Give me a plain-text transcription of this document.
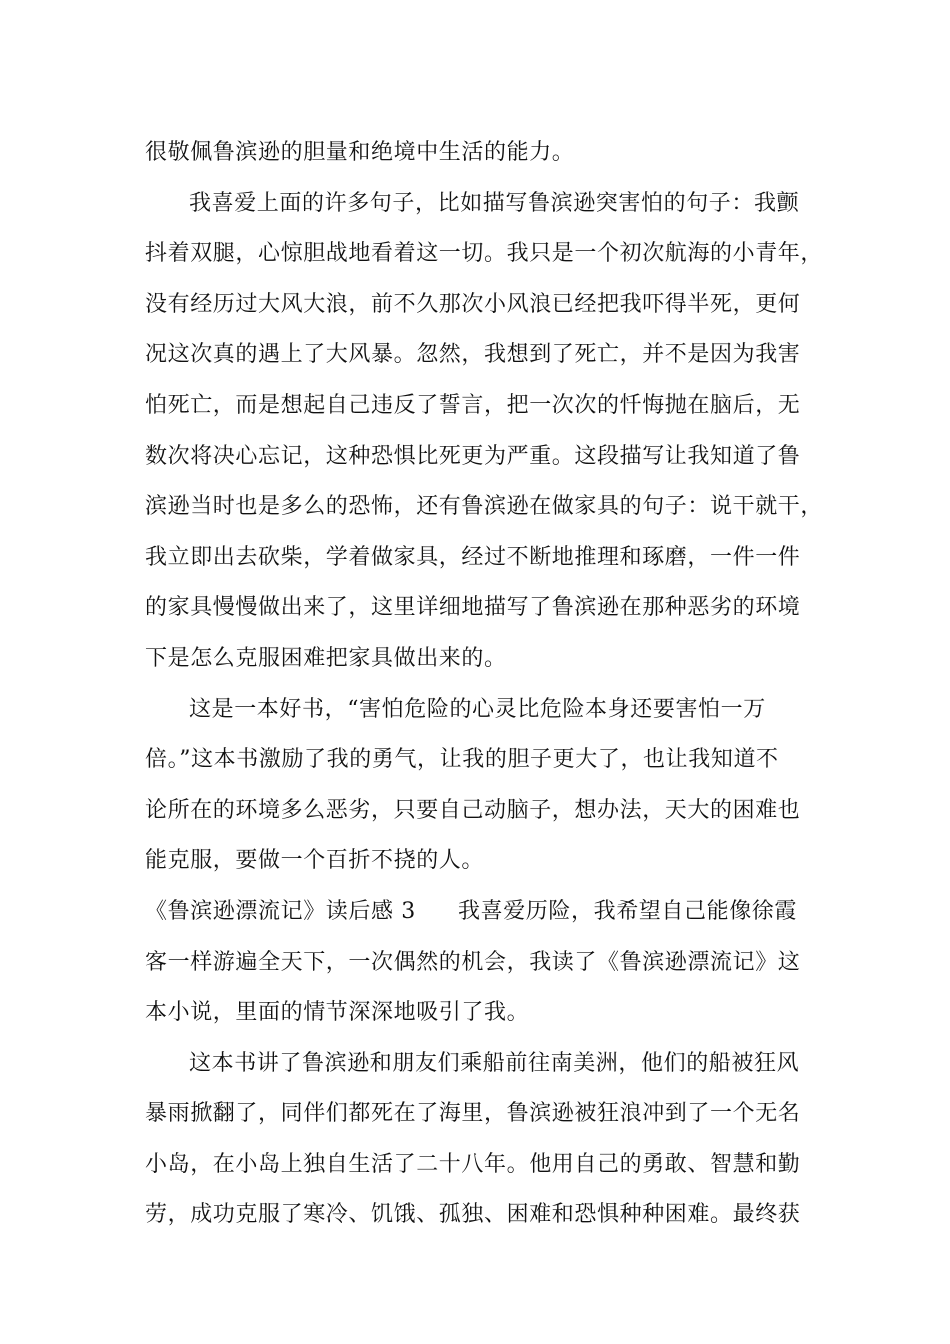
很敬佩鲁滨逊的胆量和绝境中生活的能力。
我喜爱上面的许多句子，比如描写鲁滨逊突害怕的句子：我颤
抖着双腿，心惊胆战地看着这一切。我只是一个初次航海的小青年，
没有经历过大风大浪，前不久那次小风浪已经把我吓得半死，更何
况这次真的遇上了大风暴。忽然，我想到了死亡，并不是因为我害
怕死亡，而是想起自己违反了誓言，把一次次的忏悔抛在脑后，无
数次将决心忘记，这种恐惧比死更为严重。这段描写让我知道了鲁
滨逊当时也是多么的恐怖，还有鲁滨逊在做家具的句子：说干就干，
我立即出去砍柴，学着做家具，经过不断地推理和琢磨，一件一件
的家具慢慢做出来了，这里详细地描写了鲁滨逊在那种恶劣的环境
下是怎么克服困难把家具做出来的。
这是一本好书，“害怕危险的心灵比危险本身还要害怕一万
倍。”这本书激励了我的勇气，让我的胆子更大了，也让我知道不
论所在的环境多么恶劣，只要自己动脑子，想办法，天大的困难也
能克服，要做一个百折不挠的人。
《鲁滨逊漂流记》读后感 3 我喜爱历险，我希望自己能像徐霞
客一样游遍全天下，一次偶然的机会，我读了《鲁滨逊漂流记》这
本小说，里面的情节深深地吸引了我。
这本书讲了鲁滨逊和朋友们乘船前往南美洲，他们的船被狂风
暴雨掀翻了，同伴们都死在了海里，鲁滨逊被狂浪冲到了一个无名
小岛，在小岛上独自生活了二十八年。他用自己的勇敢、智慧和勤
劳，成功克服了寒冷、饥饿、孤独、困难和恐惧种种困难。最终获
